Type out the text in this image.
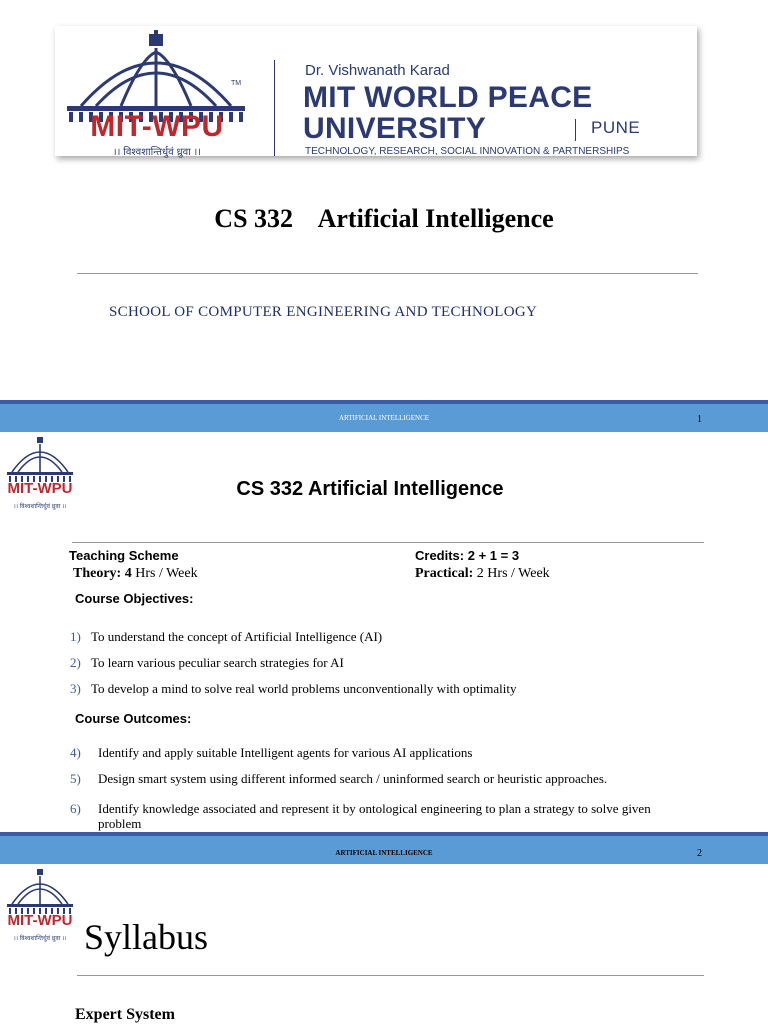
TM
MIT-WPU
।। विश्वशान्तिर्धुवं ध्रुवा ।।
Dr. Vishwanath Karad
MIT WORLD PEACE
UNIVERSITY	PUNE
TECHNOLOGY, RESEARCH, SOCIAL INNOVATION & PARTNERSHIPS
CS 332    Artificial Intelligence
SCHOOL OF COMPUTER ENGINEERING AND TECHNOLOGY
ARTIFICIAL INTELLIGENCE	1
MIT-WPU
।। विश्वशान्तिर्धुवं ध्रुवा ।।
CS 332 Artificial Intelligence
Teaching Scheme	Credits: 2 + 1 = 3
Theory: 4 Hrs / Week	Practical: 2 Hrs / Week
Course Objectives:
1) To understand the concept of Artificial Intelligence (AI)
2) To learn various peculiar search strategies for AI
3) To develop a mind to solve real world problems unconventionally with optimality
Course Outcomes:
4) Identify and apply suitable Intelligent agents for various AI applications
5) Design smart system using different informed search / uninformed search or heuristic approaches.
6) Identify knowledge associated and represent it by ontological engineering to plan a strategy to solve given
problem
ARTIFICIAL INTELLIGENCE	2
MIT-WPU
।। विश्वशान्तिर्धुवं ध्रुवा ।। Syllabus
Expert System
